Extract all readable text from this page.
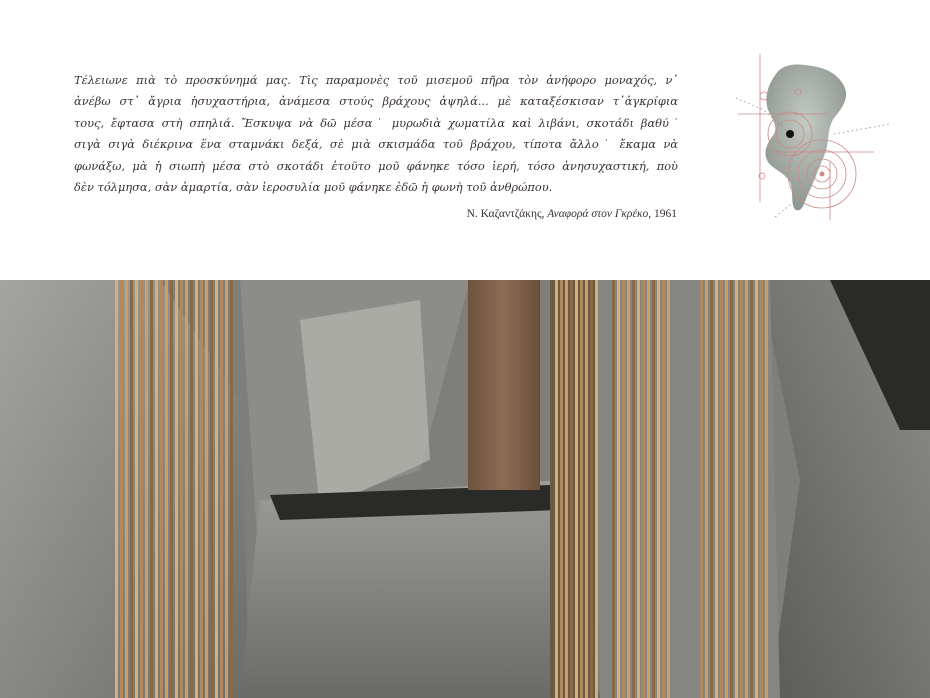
Τέλειωνε πιὰ τὸ προσκύνημά μας. Τὶς παραμονὲς τοῦ μισεμοῦ πῆρα τὸν ἀνήφορο μοναχός, ν᾽
ἀνέβω στ᾽ ἄγρια ἡσυχαστήρια, ἀνάμεσα στούς βράχους ἀψηλά... μὲ καταξέσκισαν τ᾽ἀγκρίφια
τους, ἔφτασα στὴ σπηλιά. Ἔσκυψα νὰ δῶ μέσα˙ μυρωδιὰ χωματίλα καὶ λιβάνι, σκοτάδι βαθύ˙
σιγὰ σιγὰ διέκρινα ἕνα σταμνάκι δεξά, σὲ μιὰ σκισμάδα τοῦ βράχου, τίποτα ἄλλο˙ ἔκαμα νὰ
φωνάξω, μὰ ἡ σιωπὴ μέσα στὸ σκοτάδι ἐτοῦτο μοῦ φάνηκε τόσο ἱερή, τόσο ἀνησυχαστική, ποὺ
δὲν τόλμησα, σὰν ἁμαρτία, σὰν ἱεροσυλία μοῦ φάνηκε ἐδῶ ἡ φωνὴ τοῦ ἀνθρώπου.

Ν. Καζαντζάκης, Αναφορά στον Γκρέκο, 1961
